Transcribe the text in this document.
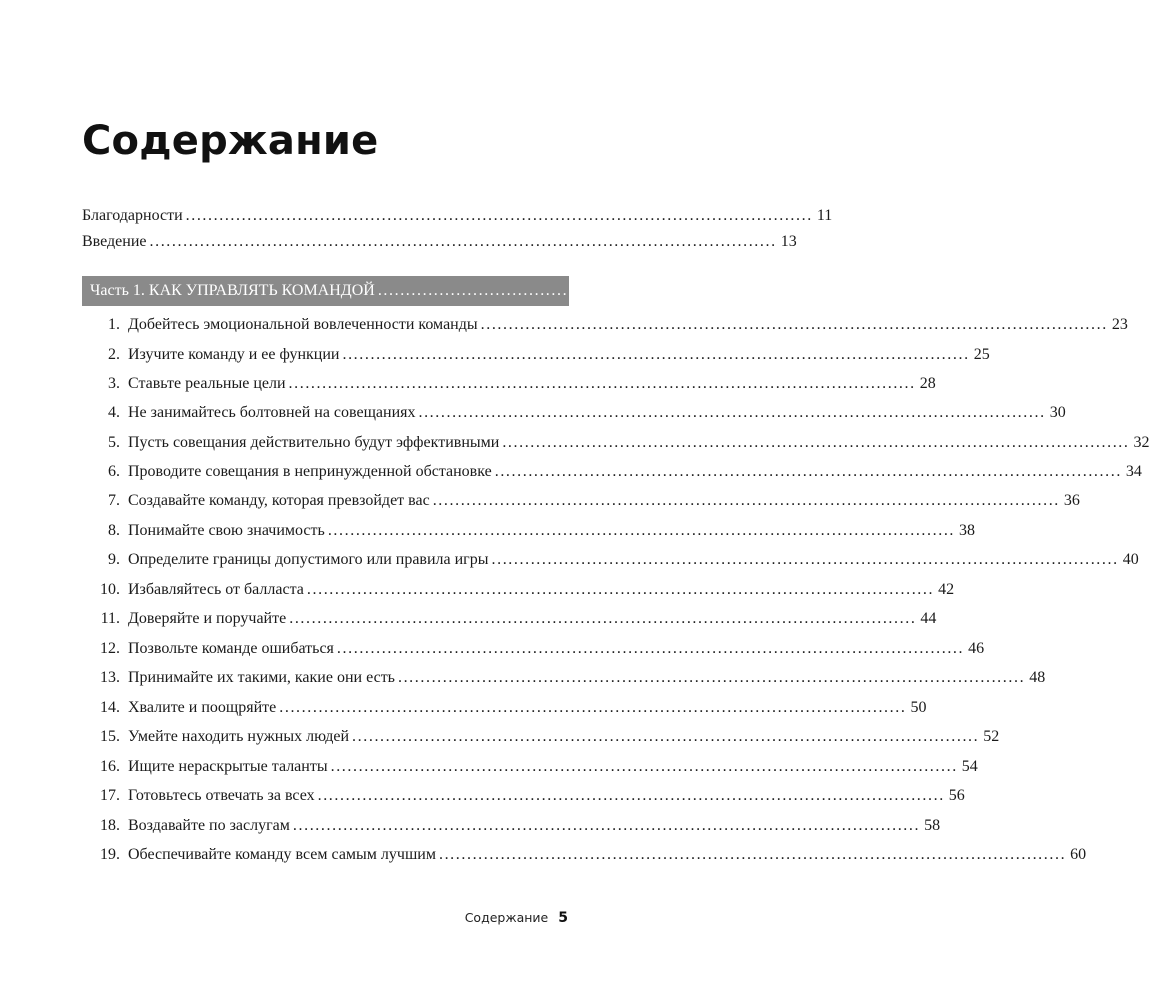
Содержание
Благодарности ................................................................................................................ 11
Введение ................................................................................................................ 13
Часть 1. КАК УПРАВЛЯТЬ КОМАНДОЙ ................................................................................................................ 20
1. Добейтесь эмоциональной вовлеченности команды ................................................................................................................ 23
2. Изучите команду и ее функции ................................................................................................................ 25
3. Ставьте реальные цели ................................................................................................................ 28
4. Не занимайтесь болтовней на совещаниях ................................................................................................................ 30
5. Пусть совещания действительно будут эффективными ................................................................................................................ 32
6. Проводите совещания в непринужденной обстановке ................................................................................................................ 34
7. Создавайте команду, которая превзойдет вас ................................................................................................................ 36
8. Понимайте свою значимость ................................................................................................................ 38
9. Определите границы допустимого или правила игры ................................................................................................................ 40
10. Избавляйтесь от балласта ................................................................................................................ 42
11. Доверяйте и поручайте ................................................................................................................ 44
12. Позвольте команде ошибаться ................................................................................................................ 46
13. Принимайте их такими, какие они есть ................................................................................................................ 48
14. Хвалите и поощряйте ................................................................................................................ 50
15. Умейте находить нужных людей ................................................................................................................ 52
16. Ищите нераскрытые таланты ................................................................................................................ 54
17. Готовьтесь отвечать за всех ................................................................................................................ 56
18. Воздавайте по заслугам ................................................................................................................ 58
19. Обеспечивайте команду всем самым лучшим ................................................................................................................ 60
Содержание 5
